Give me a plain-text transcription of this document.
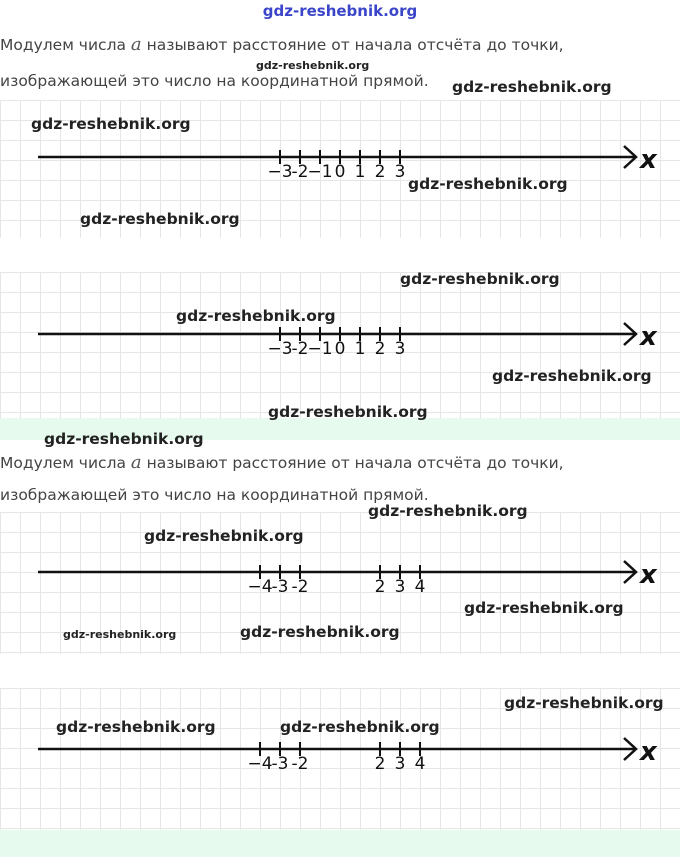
gdz-reshebnik.org
Модулем числа a называют расстояние от начала отсчёта до точки,
изображающей это число на координатной прямой.
Модулем числа a называют расстояние от начала отсчёта до точки,
изображающей это число на координатной прямой.
x
−3
-2
−1 0 1 2 3
x
−3
-2
−1 0 1 2 3
x
−4
-3 -2	2 3 4
x
−4
-3 -2	2 3 4
gdz-reshebnik.org
gdz-reshebnik.org
gdz-reshebnik.org
gdz-reshebnik.org
gdz-reshebnik.org
gdz-reshebnik.org
gdz-reshebnik.org
gdz-reshebnik.org
gdz-reshebnik.org
gdz-reshebnik.org
gdz-reshebnik.org
gdz-reshebnik.org
gdz-reshebnik.org
gdz-reshebnik.org	gdz-reshebnik.org
gdz-reshebnik.org
gdz-reshebnik.org	gdz-reshebnik.org
